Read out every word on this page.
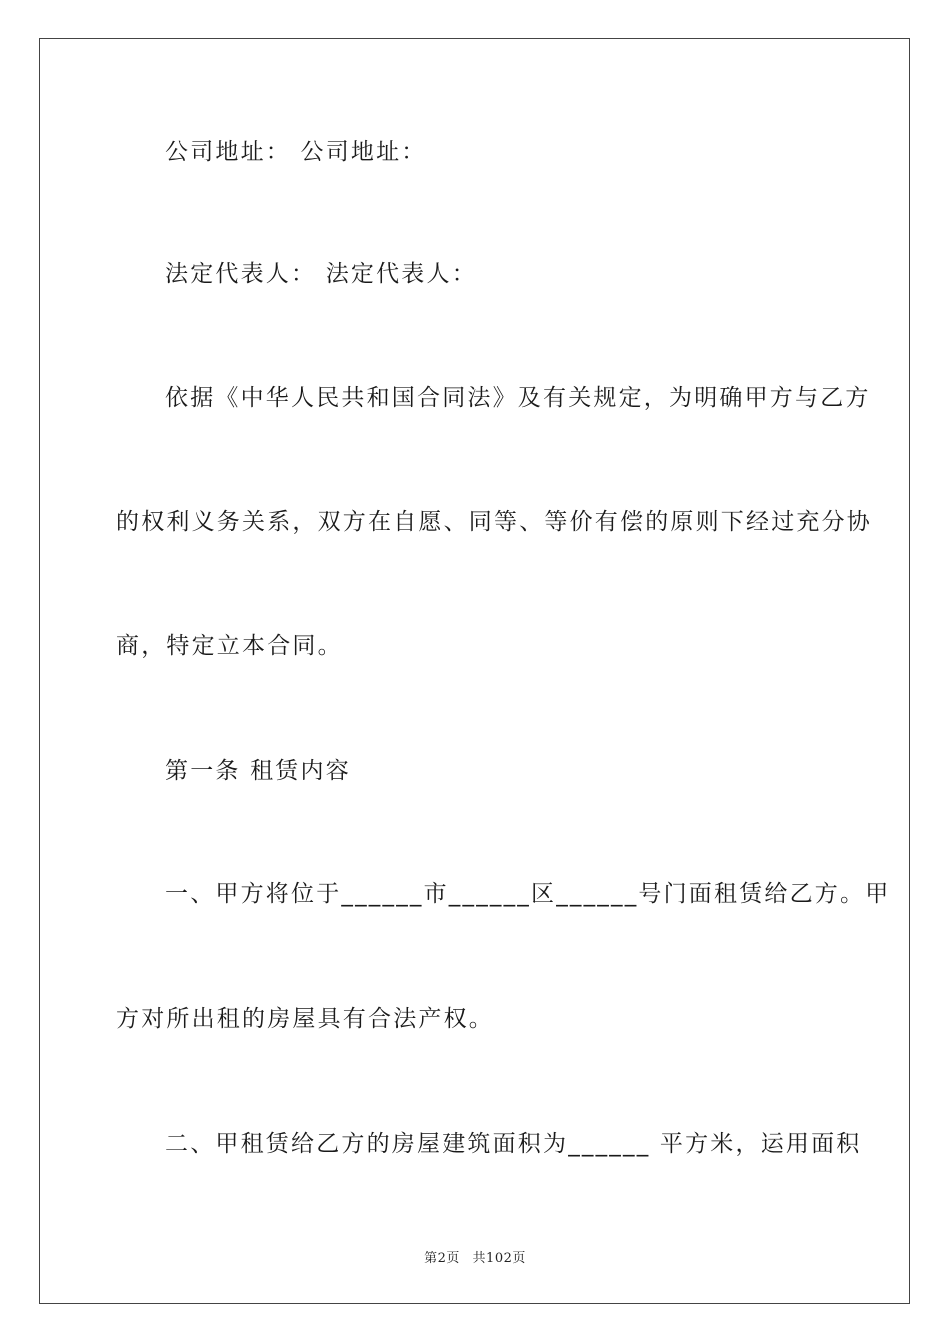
公司地址： 公司地址：
法定代表人： 法定代表人：
依据《中华人民共和国合同法》及有关规定，为明确甲方与乙方
的权利义务关系，双方在自愿、同等、等价有偿的原则下经过充分协
商，特定立本合同。
第一条 租赁内容
一、甲方将位于______市______区______号门面租赁给乙方。甲
方对所出租的房屋具有合法产权。
二、甲租赁给乙方的房屋建筑面积为______ 平方米，运用面积
第2页 共102页
